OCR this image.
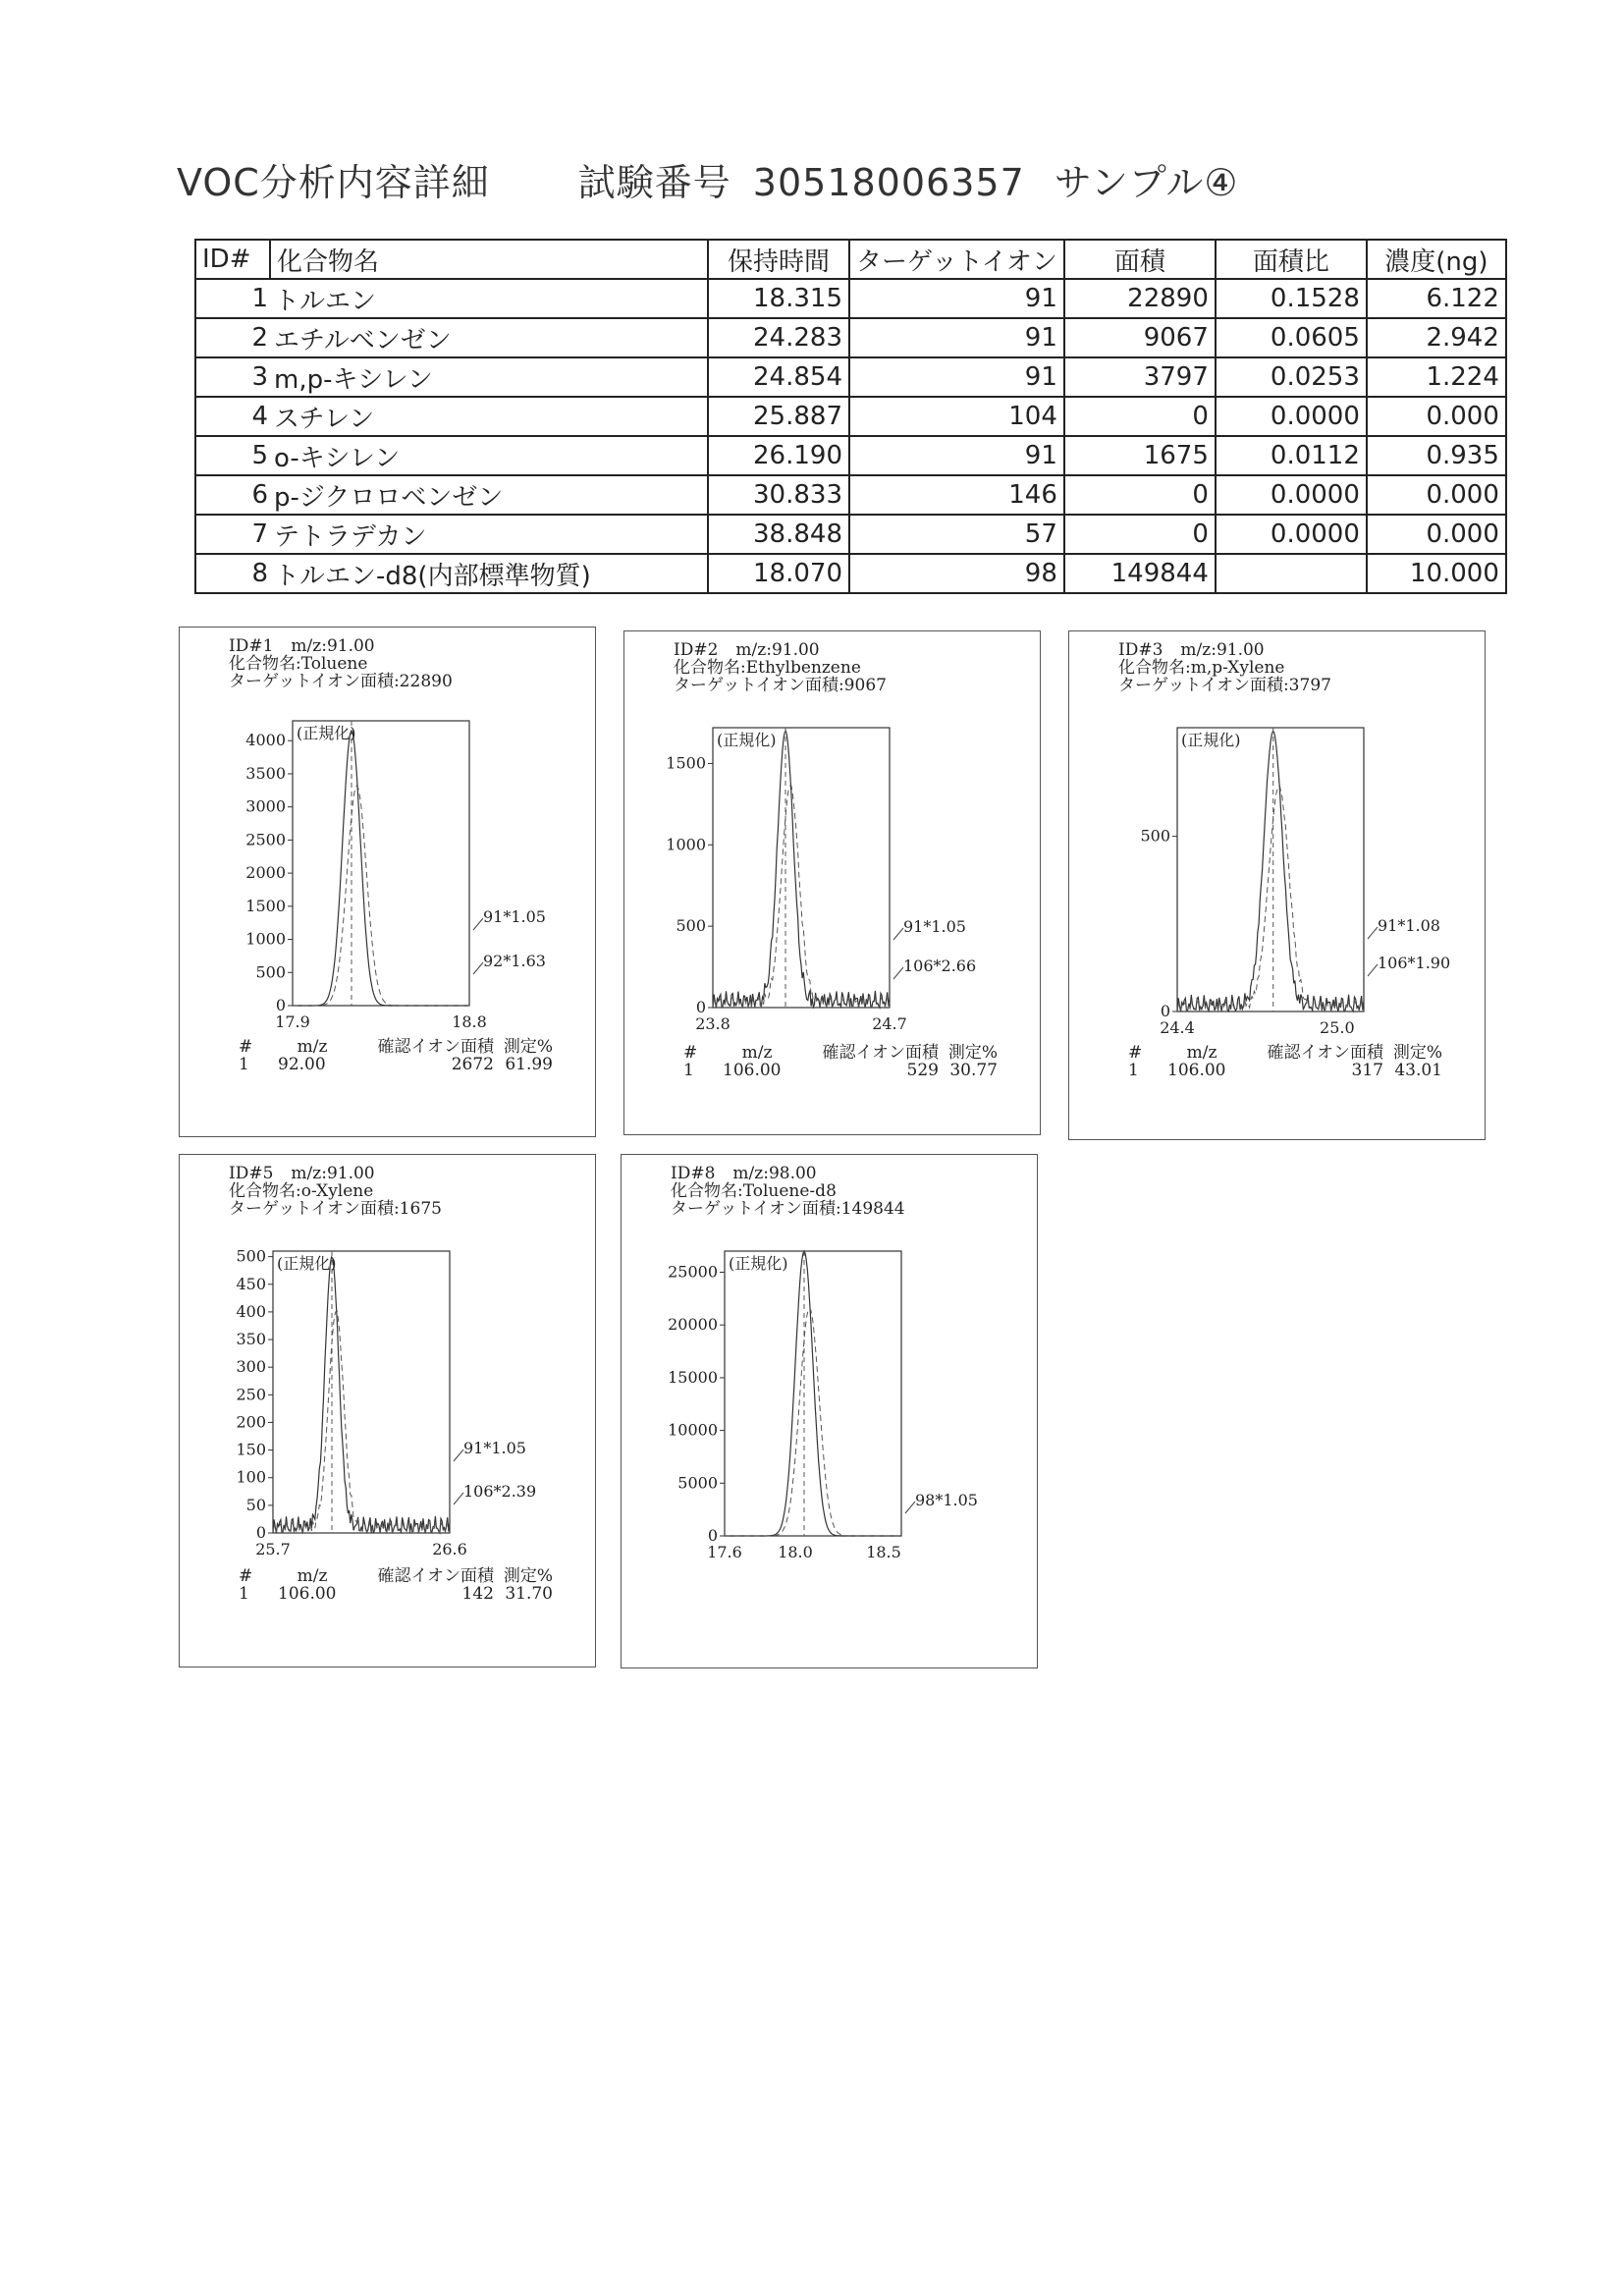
VOC分析内容詳細 試験番号 30518006357 サンプル④
ID#	化合物名	保持時間	ターゲットイオン	面積	面積比	濃度(ng)
1	トルエン	18.315	91	22890	0.1528	6.122
2	エチルベンゼン	24.283	91	9067	0.0605	2.942
3	m,p-キシレン	24.854	91	3797	0.0253	1.224
4	スチレン	25.887	104	0	0.0000	0.000
5	o-キシレン	26.190	91	1675	0.0112	0.935
6	p-ジクロロベンゼン	30.833	146	0	0.0000	0.000
7	テトラデカン	38.848	57	0	0.0000	0.000
8	トルエン-d8(内部標準物質)	18.070	98	149844		10.000
ID#1 m/z:91.00
化合物名:Toluene
ターゲットイオン面積:22890
0
500
1000
1500
2000
2500
3000
3500
4000
17.9	18.8
(正規化)
91*1.05
92*1.63
#	m/z	確認イオン面積 測定%
1 92.00	2672 61.99
ID#2 m/z:91.00
化合物名:Ethylbenzene
ターゲットイオン面積:9067
0
500
1000
1500
23.8	24.7
(正規化)
91*1.05
106*2.66
#	m/z	確認イオン面積 測定%
1 106.00	529 30.77
ID#3 m/z:91.00
化合物名:m,p-Xylene
ターゲットイオン面積:3797
0
500
24.4	25.0
(正規化)
91*1.08
106*1.90
#	m/z	確認イオン面積 測定%
1 106.00	317 43.01
ID#5 m/z:91.00
化合物名:o-Xylene
ターゲットイオン面積:1675
0
50
100
150
200
250
300
350
400
450
500
25.7	26.6
(正規化)
91*1.05
106*2.39
#	m/z	確認イオン面積 測定%
1 106.00	142 31.70
ID#8 m/z:98.00
化合物名:Toluene-d8
ターゲットイオン面積:149844
0
5000
10000
15000
20000
25000
17.6 18.0	18.5
(正規化)
98*1.05
